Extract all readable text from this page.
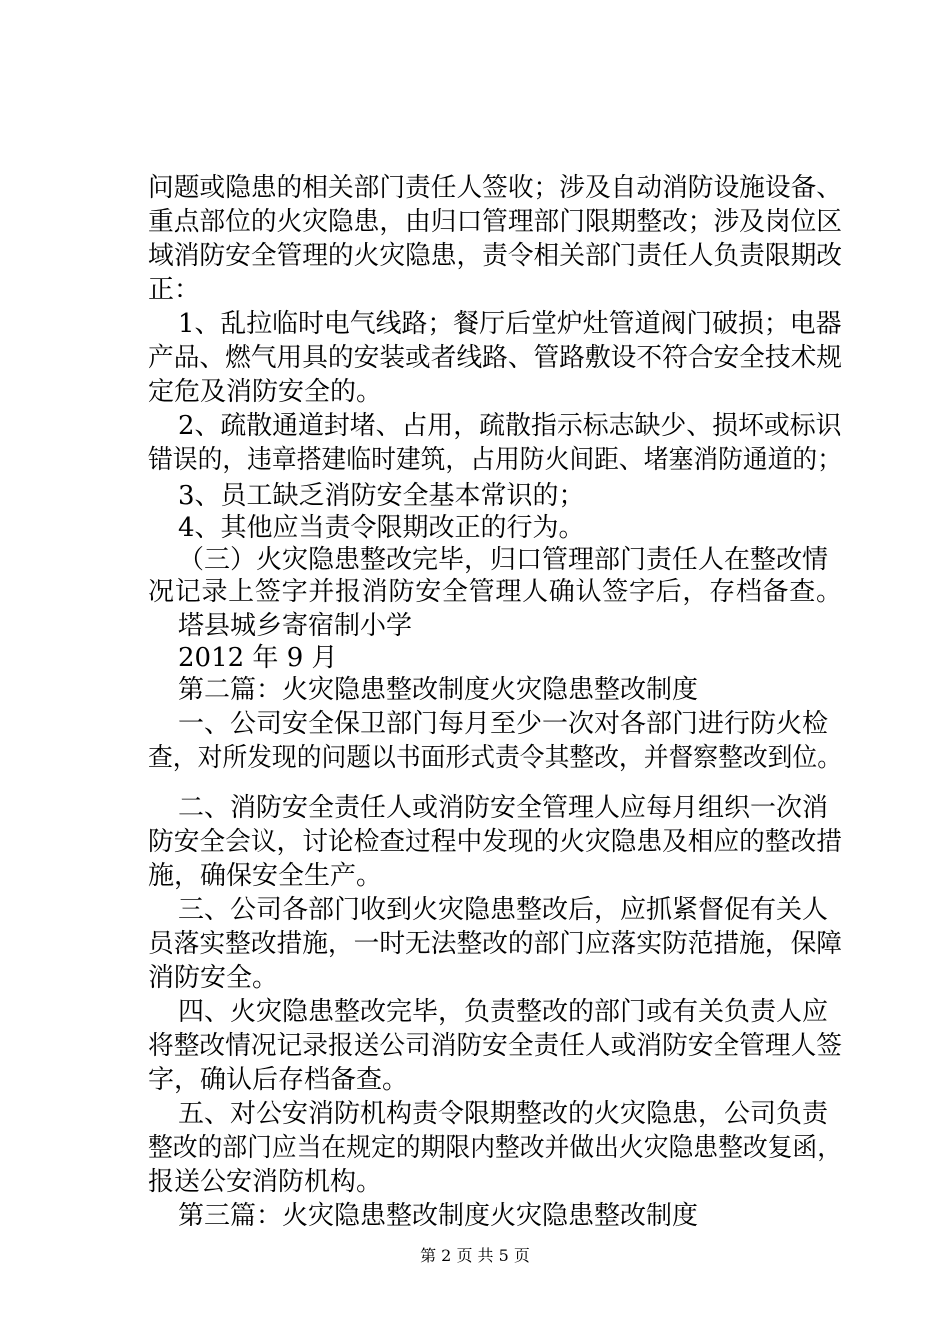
问题或隐患的相关部门责任人签收；涉及自动消防设施设备、
重点部位的火灾隐患，由归口管理部门限期整改；涉及岗位区
域消防安全管理的火灾隐患，责令相关部门责任人负责限期改
正：
1、乱拉临时电气线路；餐厅后堂炉灶管道阀门破损；电器
产品、燃气用具的安装或者线路、管路敷设不符合安全技术规
定危及消防安全的。
2、疏散通道封堵、占用，疏散指示标志缺少、损坏或标识
错误的，违章搭建临时建筑，占用防火间距、堵塞消防通道的；
3、员工缺乏消防安全基本常识的；
4、其他应当责令限期改正的行为。
（三）火灾隐患整改完毕，归口管理部门责任人在整改情
况记录上签字并报消防安全管理人确认签字后，存档备查。
塔县城乡寄宿制小学
2012 年 9 月
第二篇：火灾隐患整改制度火灾隐患整改制度
一、公司安全保卫部门每月至少一次对各部门进行防火检
查，对所发现的问题以书面形式责令其整改，并督察整改到位。
二、消防安全责任人或消防安全管理人应每月组织一次消
防安全会议，讨论检查过程中发现的火灾隐患及相应的整改措
施，确保安全生产。
三、公司各部门收到火灾隐患整改后，应抓紧督促有关人
员落实整改措施，一时无法整改的部门应落实防范措施，保障
消防安全。
四、火灾隐患整改完毕，负责整改的部门或有关负责人应
将整改情况记录报送公司消防安全责任人或消防安全管理人签
字，确认后存档备查。
五、对公安消防机构责令限期整改的火灾隐患，公司负责
整改的部门应当在规定的期限内整改并做出火灾隐患整改复函，
报送公安消防机构。
第三篇：火灾隐患整改制度火灾隐患整改制度
第 2 页 共 5 页
